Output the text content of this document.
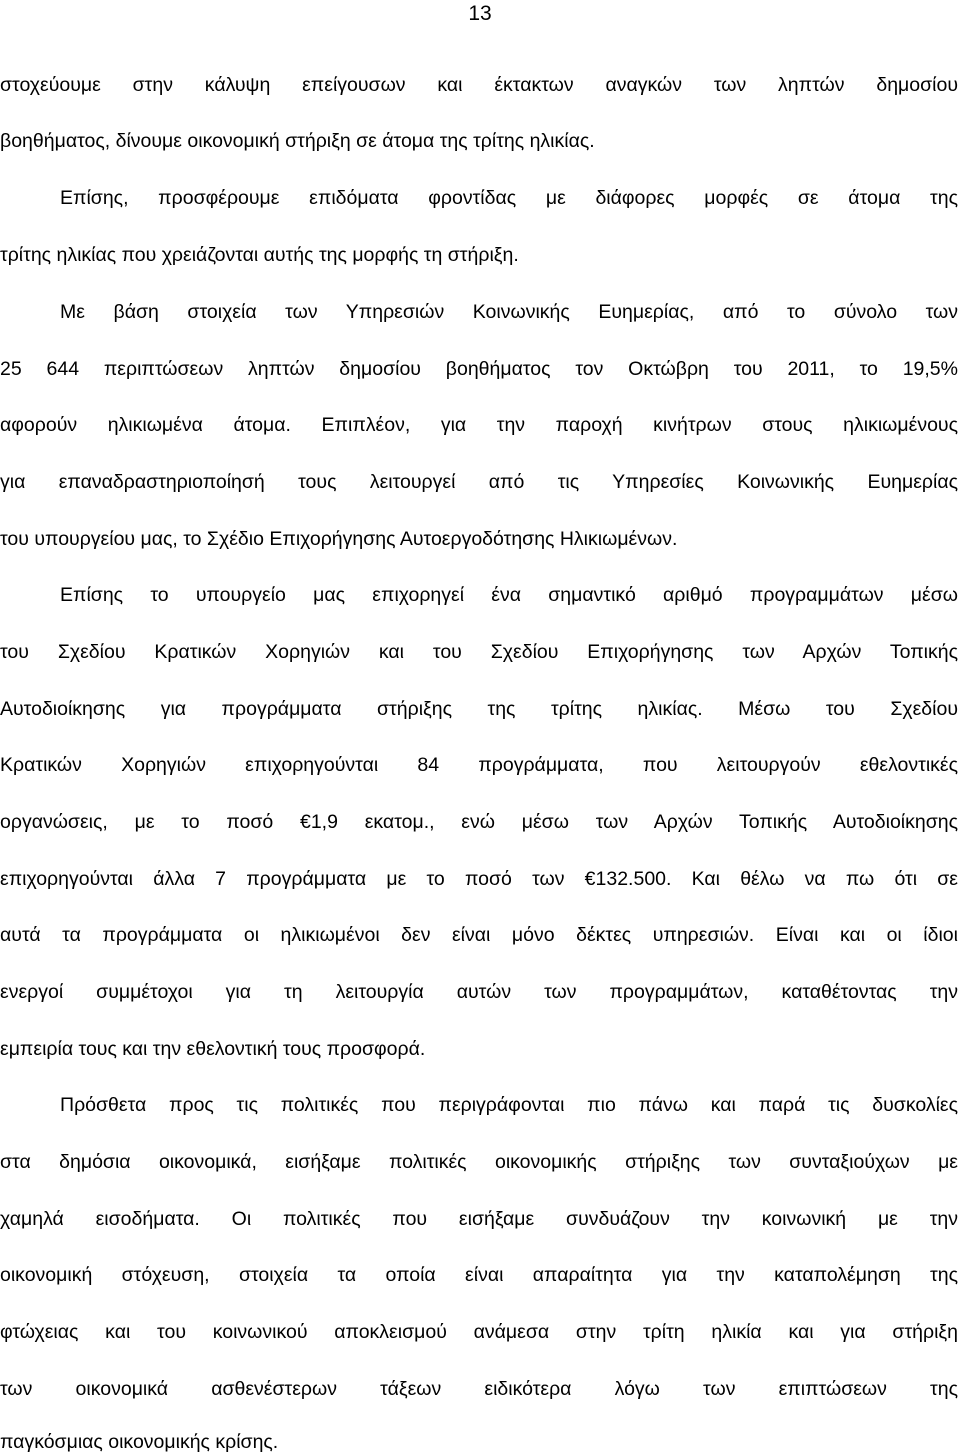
13
στοχεύουμε στην κάλυψη επείγουσων και έκτακτων αναγκών των ληπτών δημοσίου
βοηθήματος, δίνουμε οικονομική στήριξη σε άτομα της τρίτης ηλικίας.
Επίσης, προσφέρουμε επιδόματα φροντίδας με διάφορες μορφές σε άτομα της
τρίτης ηλικίας που χρειάζονται αυτής της μορφής τη στήριξη.
Με βάση στοιχεία των Υπηρεσιών Κοινωνικής Ευημερίας, από το σύνολο των
25 644 περιπτώσεων ληπτών δημοσίου βοηθήματος τον Οκτώβρη του 2011, το 19,5%
αφορούν ηλικιωμένα άτομα. Επιπλέον, για την παροχή κινήτρων στους ηλικιωμένους
για επαναδραστηριοποίησή τους λειτουργεί από τις Υπηρεσίες Κοινωνικής Ευημερίας
του υπουργείου μας, το Σχέδιο Επιχορήγησης Αυτοεργοδότησης Ηλικιωμένων.
Επίσης το υπουργείο μας επιχορηγεί ένα σημαντικό αριθμό προγραμμάτων μέσω
του Σχεδίου Κρατικών Χορηγιών και του Σχεδίου Επιχορήγησης των Αρχών Τοπικής
Αυτοδιοίκησης για προγράμματα στήριξης της τρίτης ηλικίας. Μέσω του Σχεδίου
Κρατικών Χορηγιών επιχορηγούνται 84 προγράμματα, που λειτουργούν εθελοντικές
οργανώσεις, με το ποσό €1,9 εκατομ., ενώ μέσω των Αρχών Τοπικής Αυτοδιοίκησης
επιχορηγούνται άλλα 7 προγράμματα με το ποσό των €132.500. Και θέλω να πω ότι σε
αυτά τα προγράμματα οι ηλικιωμένοι δεν είναι μόνο δέκτες υπηρεσιών. Είναι και οι ίδιοι
ενεργοί συμμέτοχοι για τη λειτουργία αυτών των προγραμμάτων, καταθέτοντας την
εμπειρία τους και την εθελοντική τους προσφορά.
Πρόσθετα προς τις πολιτικές που περιγράφονται πιο πάνω και παρά τις δυσκολίες
στα δημόσια οικονομικά, εισήξαμε πολιτικές οικονομικής στήριξης των συνταξιούχων με
χαμηλά εισοδήματα. Οι πολιτικές που εισήξαμε συνδυάζουν την κοινωνική με την
οικονομική στόχευση, στοιχεία τα οποία είναι απαραίτητα για την καταπολέμηση της
φτώχειας και του κοινωνικού αποκλεισμού ανάμεσα στην τρίτη ηλικία και για στήριξη
των οικονομικά ασθενέστερων τάξεων ειδικότερα λόγω των επιπτώσεων της
παγκόσμιας οικονομικής κρίσης.
